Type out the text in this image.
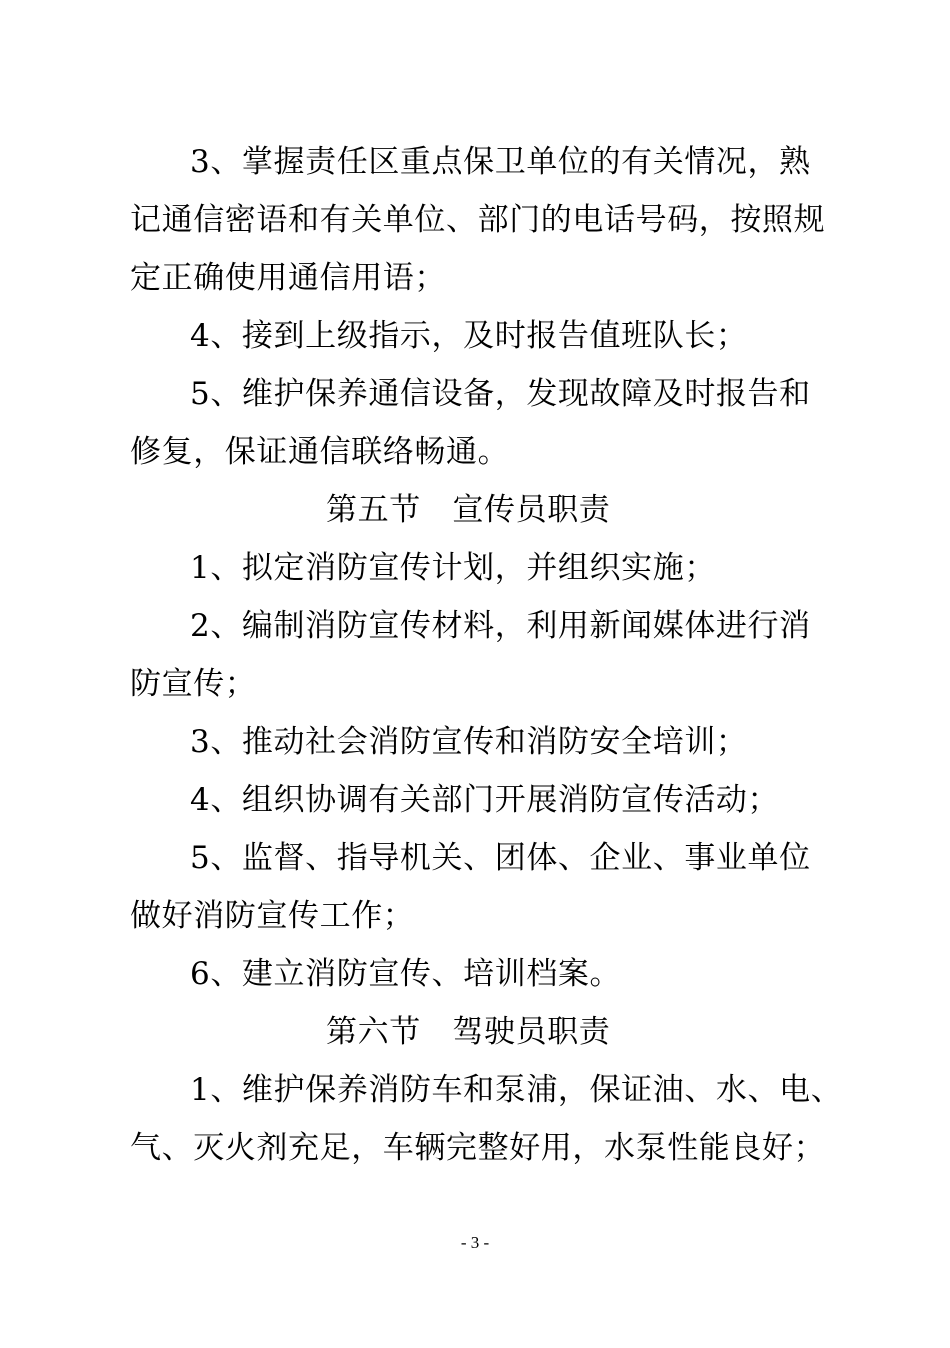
3、掌握责任区重点保卫单位的有关情况，熟
记通信密语和有关单位、部门的电话号码，按照规
定正确使用通信用语；
4、接到上级指示，及时报告值班队长；
5、维护保养通信设备，发现故障及时报告和
修复，保证通信联络畅通。
第五节　宣传员职责
1、拟定消防宣传计划，并组织实施；
2、编制消防宣传材料，利用新闻媒体进行消
防宣传；
3、推动社会消防宣传和消防安全培训；
4、组织协调有关部门开展消防宣传活动；
5、监督、指导机关、团体、企业、事业单位
做好消防宣传工作；
6、建立消防宣传、培训档案。
第六节　驾驶员职责
1、维护保养消防车和泵浦，保证油、水、电、
气、灭火剂充足，车辆完整好用，水泵性能良好；
- 3 -
